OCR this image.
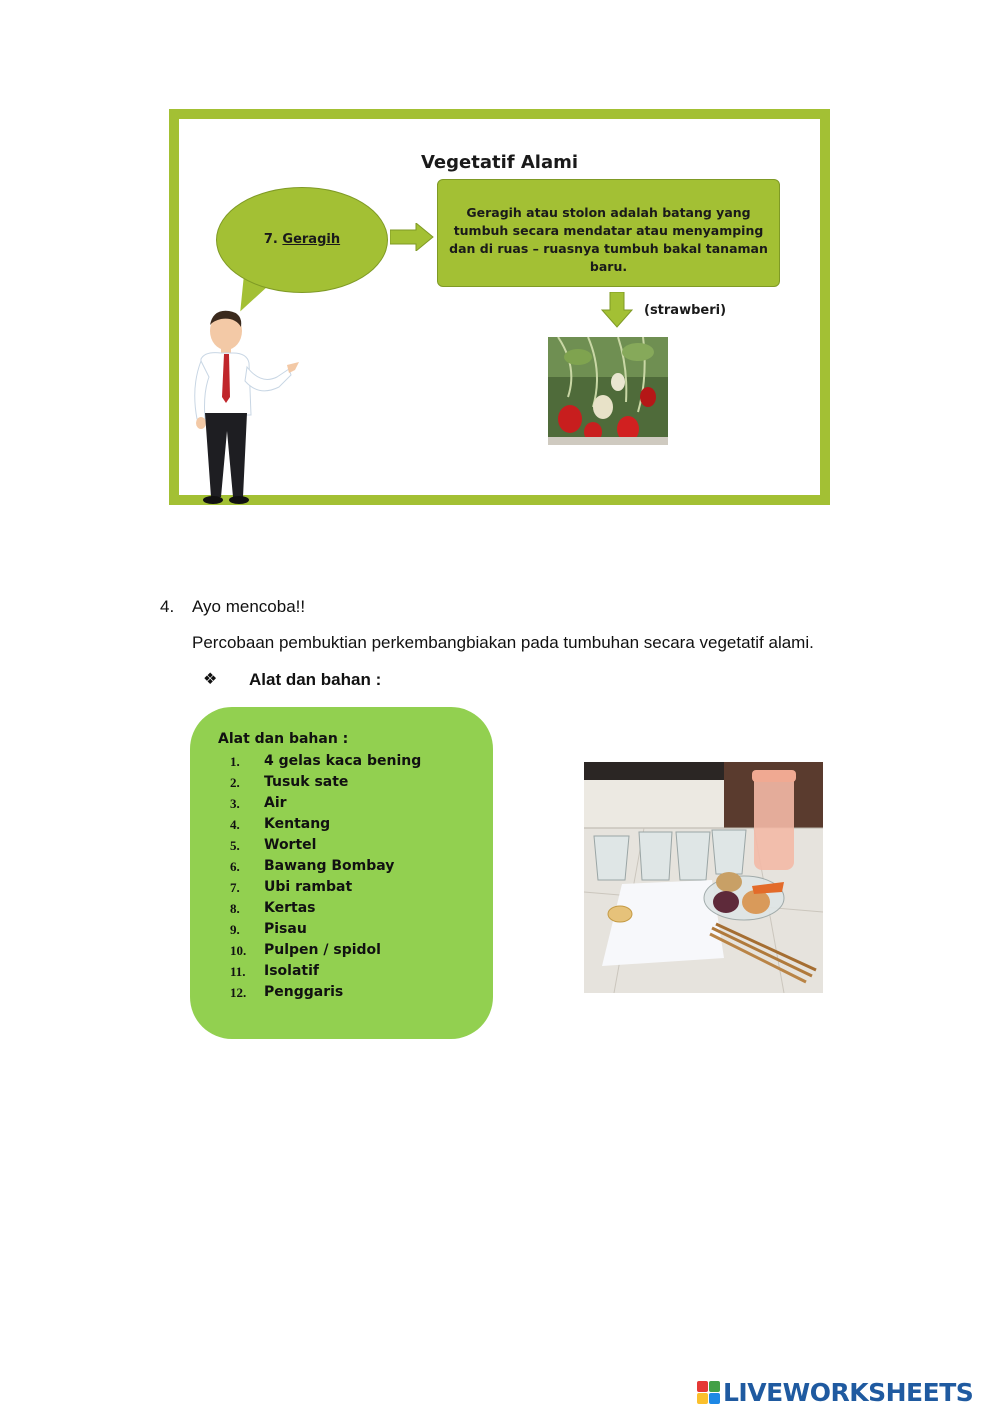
Vegetatif Alami
7. Geragih
Geragih atau stolon adalah batang yang tumbuh secara mendatar atau menyamping dan di ruas – ruasnya tumbuh bakal tanaman baru.
(strawberi)
4. Ayo mencoba!!
Percobaan pembuktian perkembangbiakan pada tumbuhan secara vegetatif alami.
❖ Alat dan bahan :
Alat dan bahan :
1.	4 gelas kaca bening
2.	Tusuk sate
3.	Air
4.	Kentang
5.	Wortel
6.	Bawang Bombay
7.	Ubi rambat
8.	Kertas
9.	Pisau
10.	Pulpen / spidol
11.	Isolatif
12.	Penggaris
LIVEWORKSHEETS
